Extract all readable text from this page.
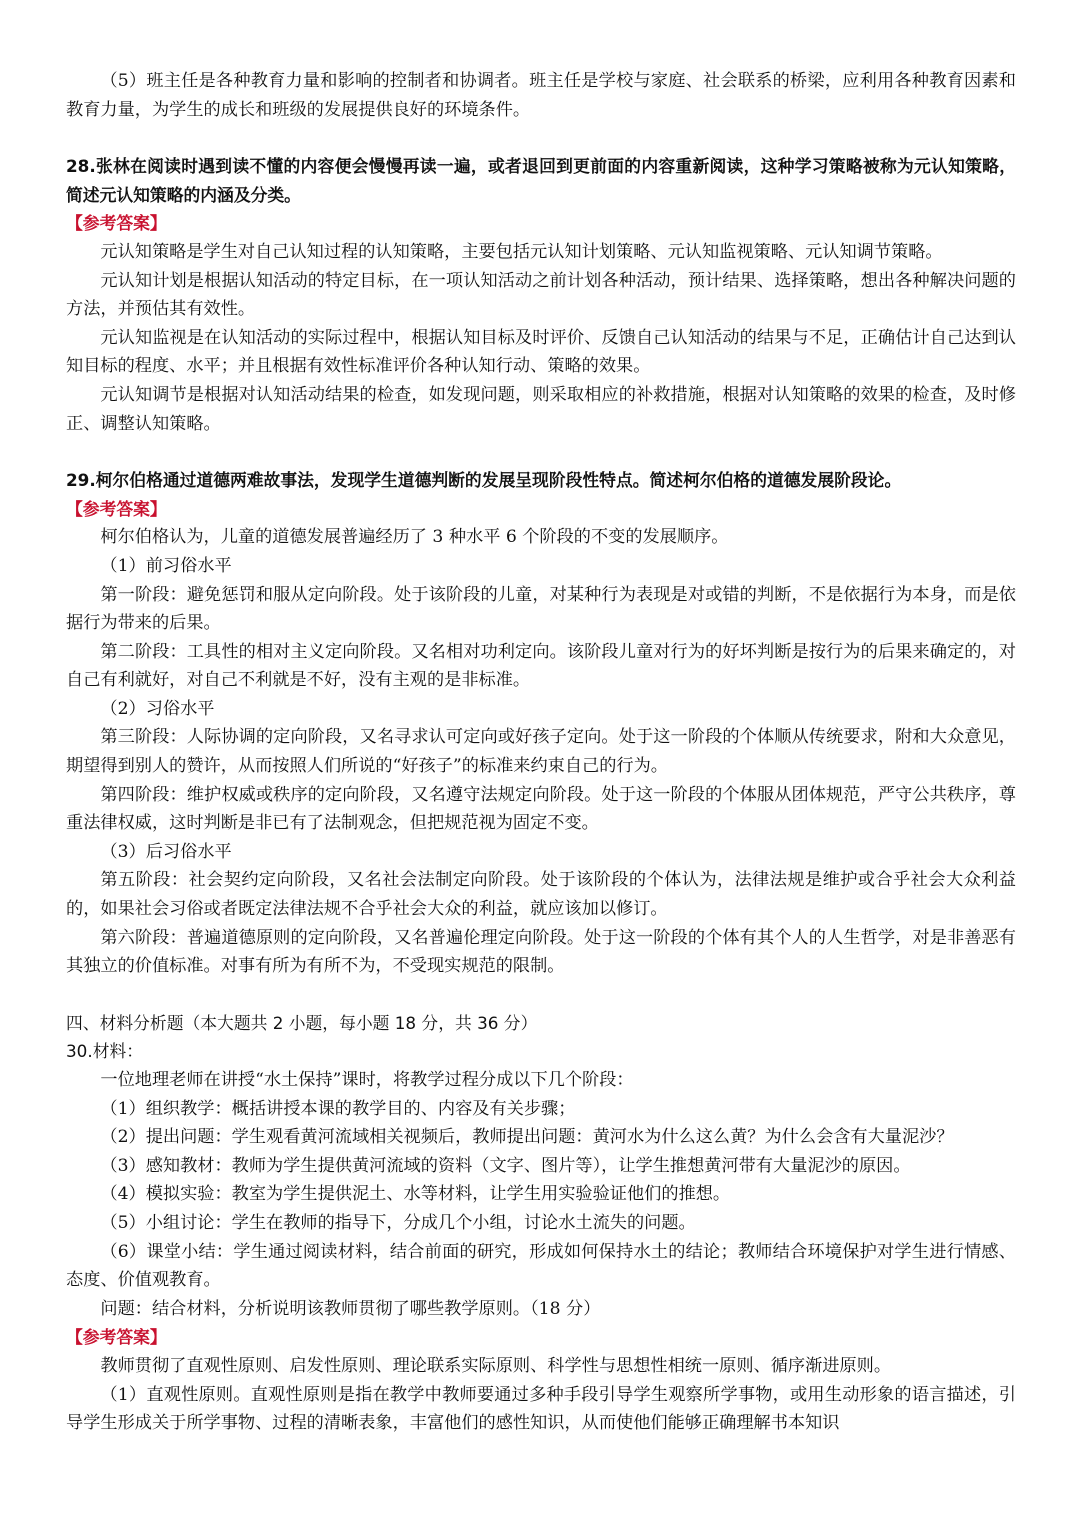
（5）班主任是各种教育力量和影响的控制者和协调者。班主任是学校与家庭、社会联系的桥梁，应利用各种教育因素和教育力量，为学生的成长和班级的发展提供良好的环境条件。

28.张林在阅读时遇到读不懂的内容便会慢慢再读一遍，或者退回到更前面的内容重新阅读，这种学习策略被称为元认知策略，简述元认知策略的内涵及分类。

【参考答案】

元认知策略是学生对自己认知过程的认知策略，主要包括元认知计划策略、元认知监视策略、元认知调节策略。

元认知计划是根据认知活动的特定目标，在一项认知活动之前计划各种活动，预计结果、选择策略，想出各种解决问题的方法，并预估其有效性。

元认知监视是在认知活动的实际过程中，根据认知目标及时评价、反馈自己认知活动的结果与不足，正确估计自己达到认知目标的程度、水平；并且根据有效性标准评价各种认知行动、策略的效果。

元认知调节是根据对认知活动结果的检查，如发现问题，则采取相应的补救措施，根据对认知策略的效果的检查，及时修正、调整认知策略。

29.柯尔伯格通过道德两难故事法，发现学生道德判断的发展呈现阶段性特点。简述柯尔伯格的道德发展阶段论。

【参考答案】

柯尔伯格认为，儿童的道德发展普遍经历了 3 种水平 6 个阶段的不变的发展顺序。

（1）前习俗水平

第一阶段：避免惩罚和服从定向阶段。处于该阶段的儿童，对某种行为表现是对或错的判断，不是依据行为本身，而是依据行为带来的后果。

第二阶段：工具性的相对主义定向阶段。又名相对功利定向。该阶段儿童对行为的好坏判断是按行为的后果来确定的，对自己有利就好，对自己不利就是不好，没有主观的是非标准。

（2）习俗水平

第三阶段：人际协调的定向阶段，又名寻求认可定向或好孩子定向。处于这一阶段的个体顺从传统要求，附和大众意见，期望得到别人的赞许，从而按照人们所说的“好孩子”的标准来约束自己的行为。

第四阶段：维护权威或秩序的定向阶段，又名遵守法规定向阶段。处于这一阶段的个体服从团体规范，严守公共秩序，尊重法律权威，这时判断是非已有了法制观念，但把规范视为固定不变。

（3）后习俗水平

第五阶段：社会契约定向阶段，又名社会法制定向阶段。处于该阶段的个体认为，法律法规是维护或合乎社会大众利益的，如果社会习俗或者既定法律法规不合乎社会大众的利益，就应该加以修订。

第六阶段：普遍道德原则的定向阶段，又名普遍伦理定向阶段。处于这一阶段的个体有其个人的人生哲学，对是非善恶有其独立的价值标准。对事有所为有所不为，不受现实规范的限制。

四、材料分析题（本大题共 2 小题，每小题 18 分，共 36 分）

30.材料：

一位地理老师在讲授“水土保持”课时，将教学过程分成以下几个阶段：

（1）组织教学：概括讲授本课的教学目的、内容及有关步骤；

（2）提出问题：学生观看黄河流域相关视频后，教师提出问题：黄河水为什么这么黄？为什么会含有大量泥沙？

（3）感知教材：教师为学生提供黄河流域的资料（文字、图片等），让学生推想黄河带有大量泥沙的原因。

（4）模拟实验：教室为学生提供泥土、水等材料，让学生用实验验证他们的推想。

（5）小组讨论：学生在教师的指导下，分成几个小组，讨论水土流失的问题。

（6）课堂小结：学生通过阅读材料，结合前面的研究，形成如何保持水土的结论；教师结合环境保护对学生进行情感、态度、价值观教育。

问题：结合材料，分析说明该教师贯彻了哪些教学原则。（18 分）

【参考答案】

教师贯彻了直观性原则、启发性原则、理论联系实际原则、科学性与思想性相统一原则、循序渐进原则。

（1）直观性原则。直观性原则是指在教学中教师要通过多种手段引导学生观察所学事物，或用生动形象的语言描述，引导学生形成关于所学事物、过程的清晰表象，丰富他们的感性知识，从而使他们能够正确理解书本知识
